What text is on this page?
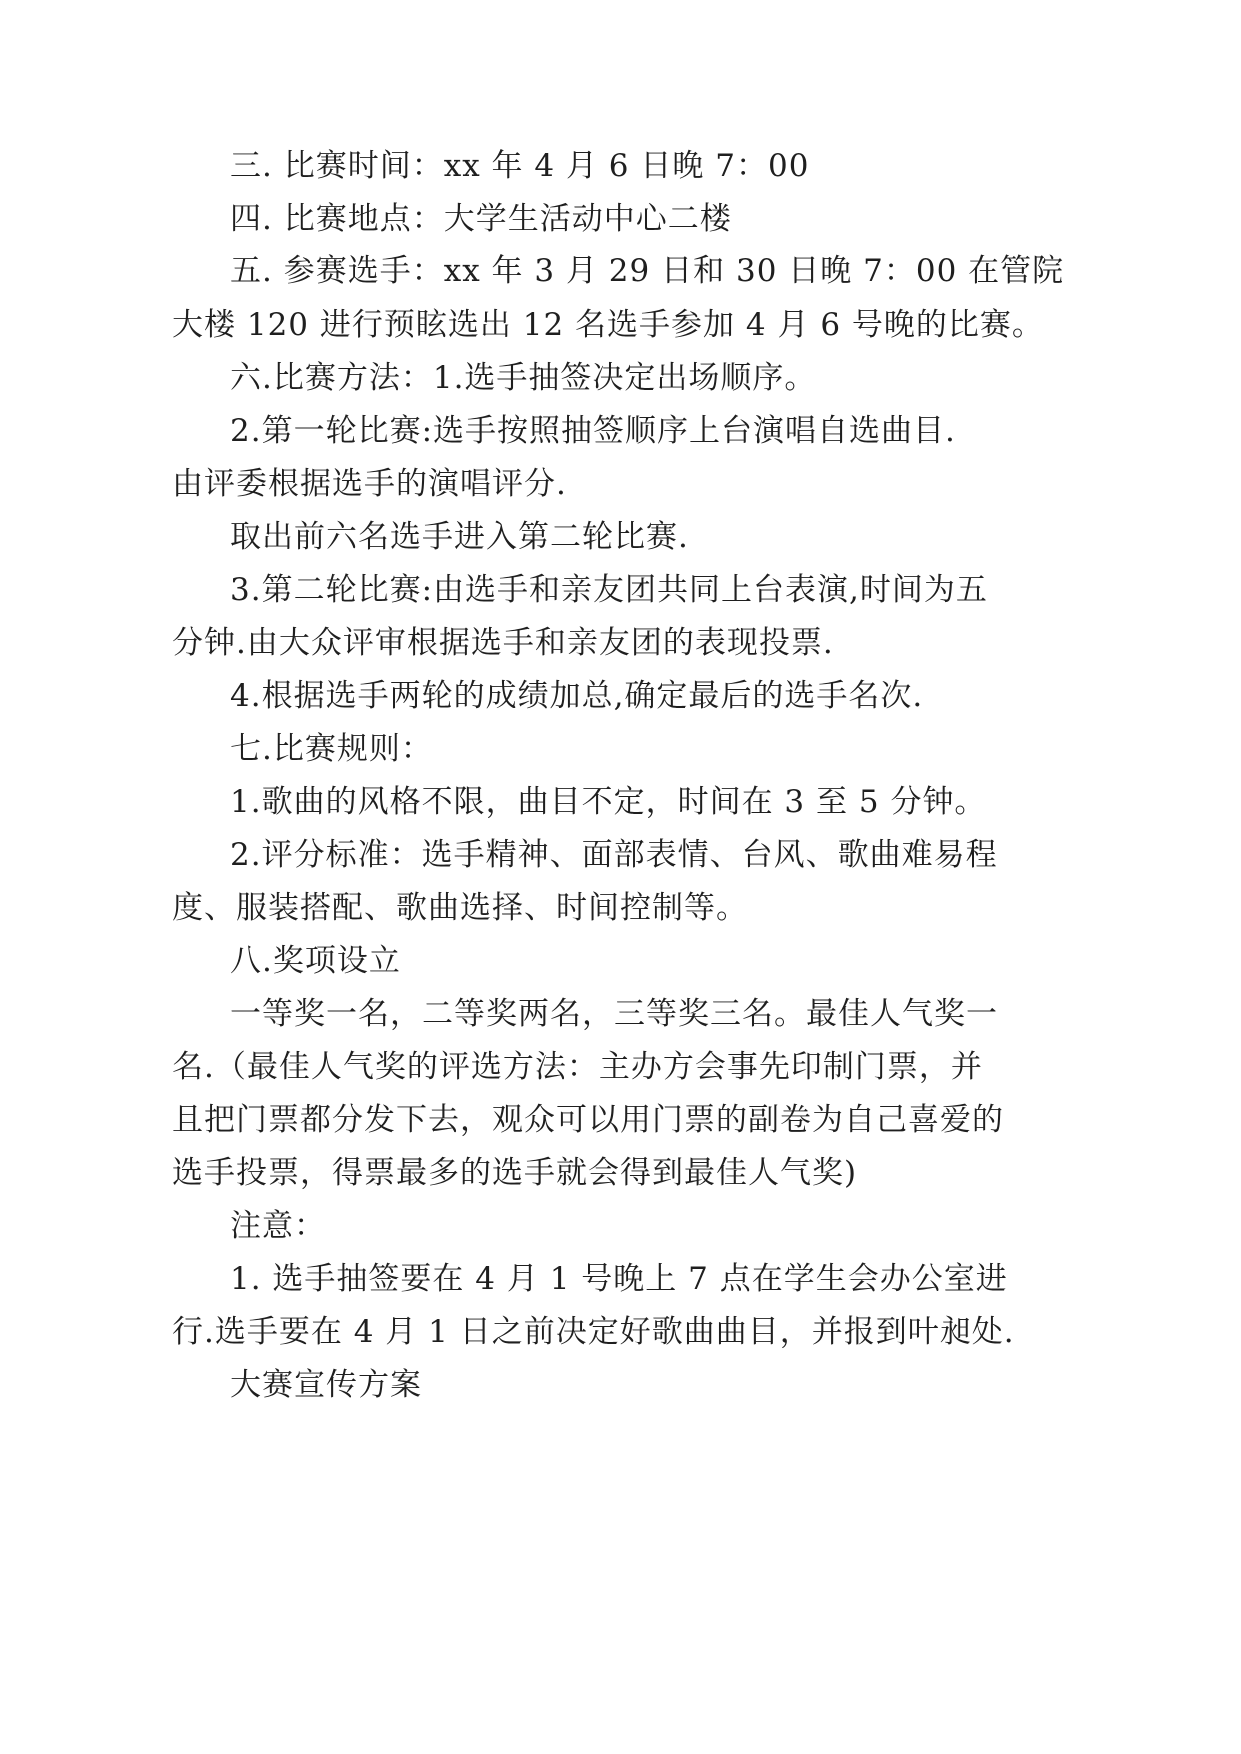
三. 比赛时间：xx 年 4 月 6 日晚 7：00
四. 比赛地点：大学生活动中心二楼
五. 参赛选手：xx 年 3 月 29 日和 30 日晚 7：00 在管院
大楼 120 进行预眩选出 12 名选手参加 4 月 6 号晚的比赛。
六.比赛方法：1.选手抽签决定出场顺序。
2.第一轮比赛:选手按照抽签顺序上台演唱自选曲目.
由评委根据选手的演唱评分.
取出前六名选手进入第二轮比赛.
3.第二轮比赛:由选手和亲友团共同上台表演,时间为五
分钟.由大众评审根据选手和亲友团的表现投票.
4.根据选手两轮的成绩加总,确定最后的选手名次.
七.比赛规则：
1.歌曲的风格不限，曲目不定，时间在 3 至 5 分钟。
2.评分标准：选手精神、面部表情、台风、歌曲难易程
度、服装搭配、歌曲选择、时间控制等。
八.奖项设立
一等奖一名，二等奖两名，三等奖三名。最佳人气奖一
名.（最佳人气奖的评选方法：主办方会事先印制门票，并
且把门票都分发下去，观众可以用门票的副卷为自己喜爱的
选手投票，得票最多的选手就会得到最佳人气奖)
注意：
1. 选手抽签要在 4 月 1 号晚上 7 点在学生会办公室进
行.选手要在 4 月 1 日之前决定好歌曲曲目，并报到叶昶处.
大赛宣传方案
